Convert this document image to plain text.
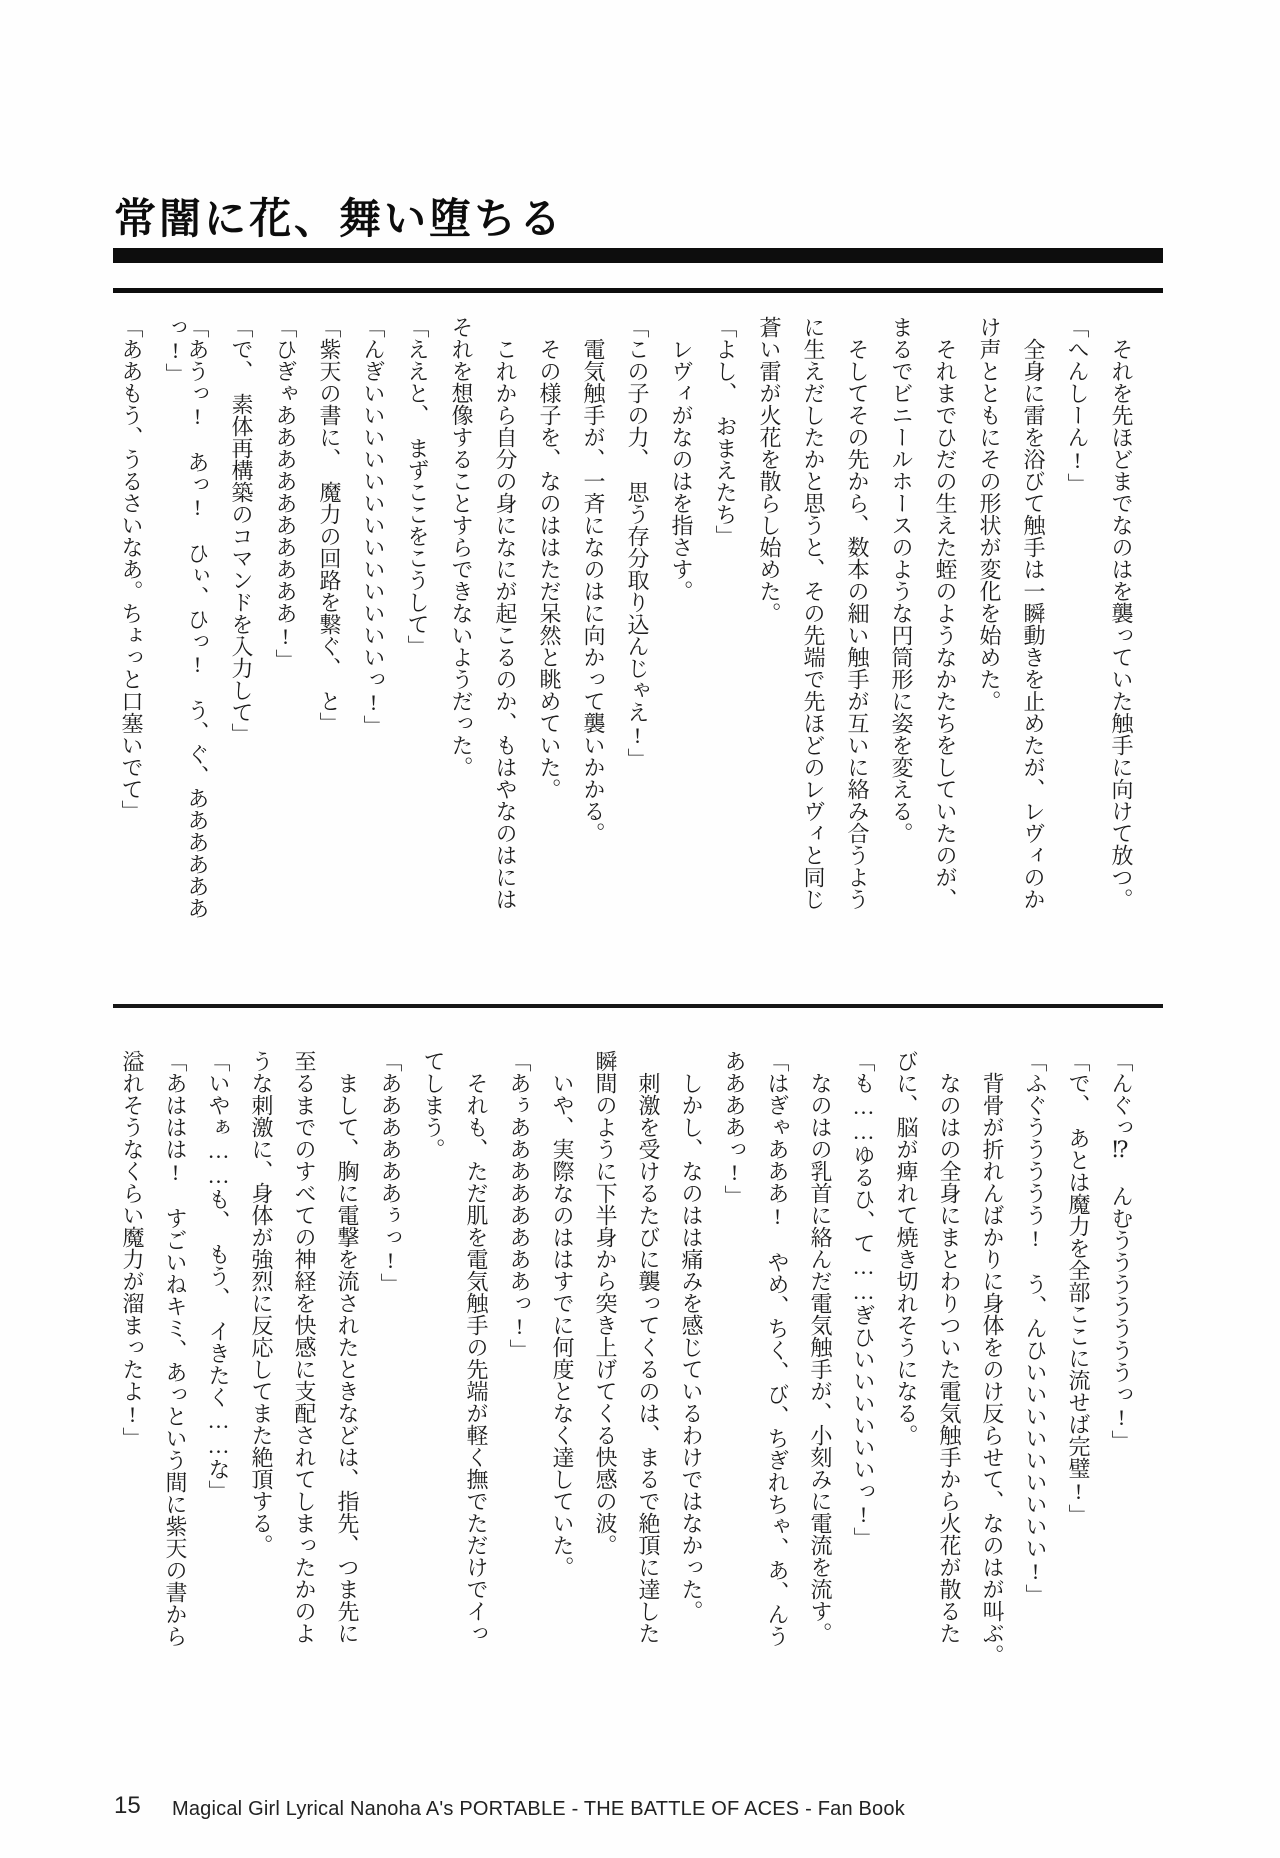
常闇に花、舞い堕ちる
それを先ほどまでなのはを襲っていた触手に向けて放つ。
「へんしーん!」
全身に雷を浴びて触手は一瞬動きを止めたが、レヴィのか
け声とともにその形状が変化を始めた。
それまでひだの生えた蛭のようなかたちをしていたのが、
まるでビニールホースのような円筒形に姿を変える。
そしてその先から、数本の細い触手が互いに絡み合うよう
に生えだしたかと思うと、その先端で先ほどのレヴィと同じ
蒼い雷が火花を散らし始めた。
「よし、　おまえたち」
レヴィがなのはを指さす。
「この子の力、　思う存分取り込んじゃえ!」
電気触手が、一斉になのはに向かって襲いかかる。
その様子を、なのははただ呆然と眺めていた。
これから自分の身になにが起こるのか、もはやなのはには
それを想像することすらできないようだった。
「ええと、　まずここをこうして」
「んぎいいいいいいいいいいいいいっ!」
「紫天の書に、　魔力の回路を繋ぐ、　と」
「ひぎゃああああああああああ!」
「で、　素体再構築のコマンドを入力して」
「あうっ!　あっ!　ひぃ、ひっ!　う、ぐ、ああああああっ!」
「ああもう、うるさいなあ。ちょっと口塞いでて」
「んぐっ⁉　んむうううううううっ!」
「で、　あとは魔力を全部ここに流せば完璧!」
「ふぐううううう!　う、んひいいいいいいいいい!」
背骨が折れんばかりに身体をのけ反らせて、なのはが叫ぶ。
なのはの全身にまとわりついた電気触手から火花が散るた
びに、脳が痺れて焼き切れそうになる。
「も……ゆるひ、て……ぎひいいいいいいっ!」
なのはの乳首に絡んだ電気触手が、小刻みに電流を流す。
「はぎゃあああ!　やめ、ちく、び、ちぎれちゃ、あ、んう
ああああっ!」
しかし、なのはは痛みを感じているわけではなかった。
刺激を受けるたびに襲ってくるのは、まるで絶頂に達した
瞬間のように下半身から突き上げてくる快感の波。
いや、実際なのははすでに何度となく達していた。
「あぅああああああああっ!」
それも、ただ肌を電気触手の先端が軽く撫でただけでイっ
てしまう。
「ああああああぅっ!」
まして、胸に電撃を流されたときなどは、指先、つま先に
至るまでのすべての神経を快感に支配されてしまったかのよ
うな刺激に、身体が強烈に反応してまた絶頂する。
「いやぁ……も、　もう、　イきたく……な」
「あははは!　すごいねキミ、あっという間に紫天の書から
溢れそうなくらい魔力が溜まったよ!」
15 Magical Girl Lyrical Nanoha A's PORTABLE - THE BATTLE OF ACES - Fan Book
